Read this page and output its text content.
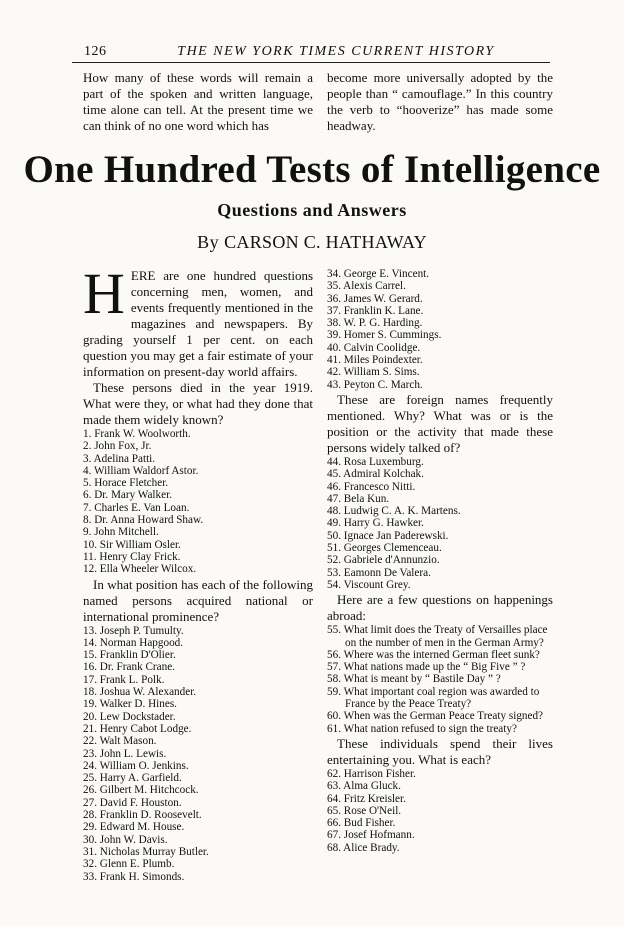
126	THE NEW YORK TIMES CURRENT HISTORY
How many of these words will remain a part of the spoken and written language, time alone can tell. At the present time we can think of no one word which has
become more universally adopted by the people than “ camouflage.” In this country the verb to “hooverize” has made some headway.
One Hundred Tests of Intelligence
Questions and Answers
By CARSON C. HATHAWAY

HERE are one hundred questions concerning men, women, and events frequently mentioned in the magazines and newspapers. By grading yourself 1 per cent. on each question you may get a fair estimate of your information on present-day world affairs.

These persons died in the year 1919. What were they, or what had they done that made them widely known?

1. Frank W. Woolworth.
2. John Fox, Jr.
3. Adelina Patti.
4. William Waldorf Astor.
5. Horace Fletcher.
6. Dr. Mary Walker.
7. Charles E. Van Loan.
8. Dr. Anna Howard Shaw.
9. John Mitchell.
10. Sir William Osler.
11. Henry Clay Frick.
12. Ella Wheeler Wilcox.

In what position has each of the following named persons acquired national or international prominence?

13. Joseph P. Tumulty.
14. Norman Hapgood.
15. Franklin D'Olier.
16. Dr. Frank Crane.
17. Frank L. Polk.
18. Joshua W. Alexander.
19. Walker D. Hines.
20. Lew Dockstader.
21. Henry Cabot Lodge.
22. Walt Mason.
23. John L. Lewis.
24. William O. Jenkins.
25. Harry A. Garfield.
26. Gilbert M. Hitchcock.
27. David F. Houston.
28. Franklin D. Roosevelt.
29. Edward M. House.
30. John W. Davis.
31. Nicholas Murray Butler.
32. Glenn E. Plumb.
33. Frank H. Simonds.
34. George E. Vincent.
35. Alexis Carrel.
36. James W. Gerard.
37. Franklin K. Lane.
38. W. P. G. Harding.
39. Homer S. Cummings.
40. Calvin Coolidge.
41. Miles Poindexter.
42. William S. Sims.
43. Peyton C. March.

These are foreign names frequently mentioned. Why? What was or is the position or the activity that made these persons widely talked of?

44. Rosa Luxemburg.
45. Admiral Kolchak.
46. Francesco Nitti.
47. Bela Kun.
48. Ludwig C. A. K. Martens.
49. Harry G. Hawker.
50. Ignace Jan Paderewski.
51. Georges Clemenceau.
52. Gabriele d'Annunzio.
53. Eamonn De Valera.
54. Viscount Grey.

Here are a few questions on happenings abroad:

55. What limit does the Treaty of Versailles place on the number of men in the German Army?
56. Where was the interned German fleet sunk?
57. What nations made up the “ Big Five ” ?
58. What is meant by “ Bastile Day ” ?
59. What important coal region was awarded to France by the Peace Treaty?
60. When was the German Peace Treaty signed?
61. What nation refused to sign the treaty?

These individuals spend their lives entertaining you. What is each?

62. Harrison Fisher.
63. Alma Gluck.
64. Fritz Kreisler.
65. Rose O'Neil.
66. Bud Fisher.
67. Josef Hofmann.
68. Alice Brady.
